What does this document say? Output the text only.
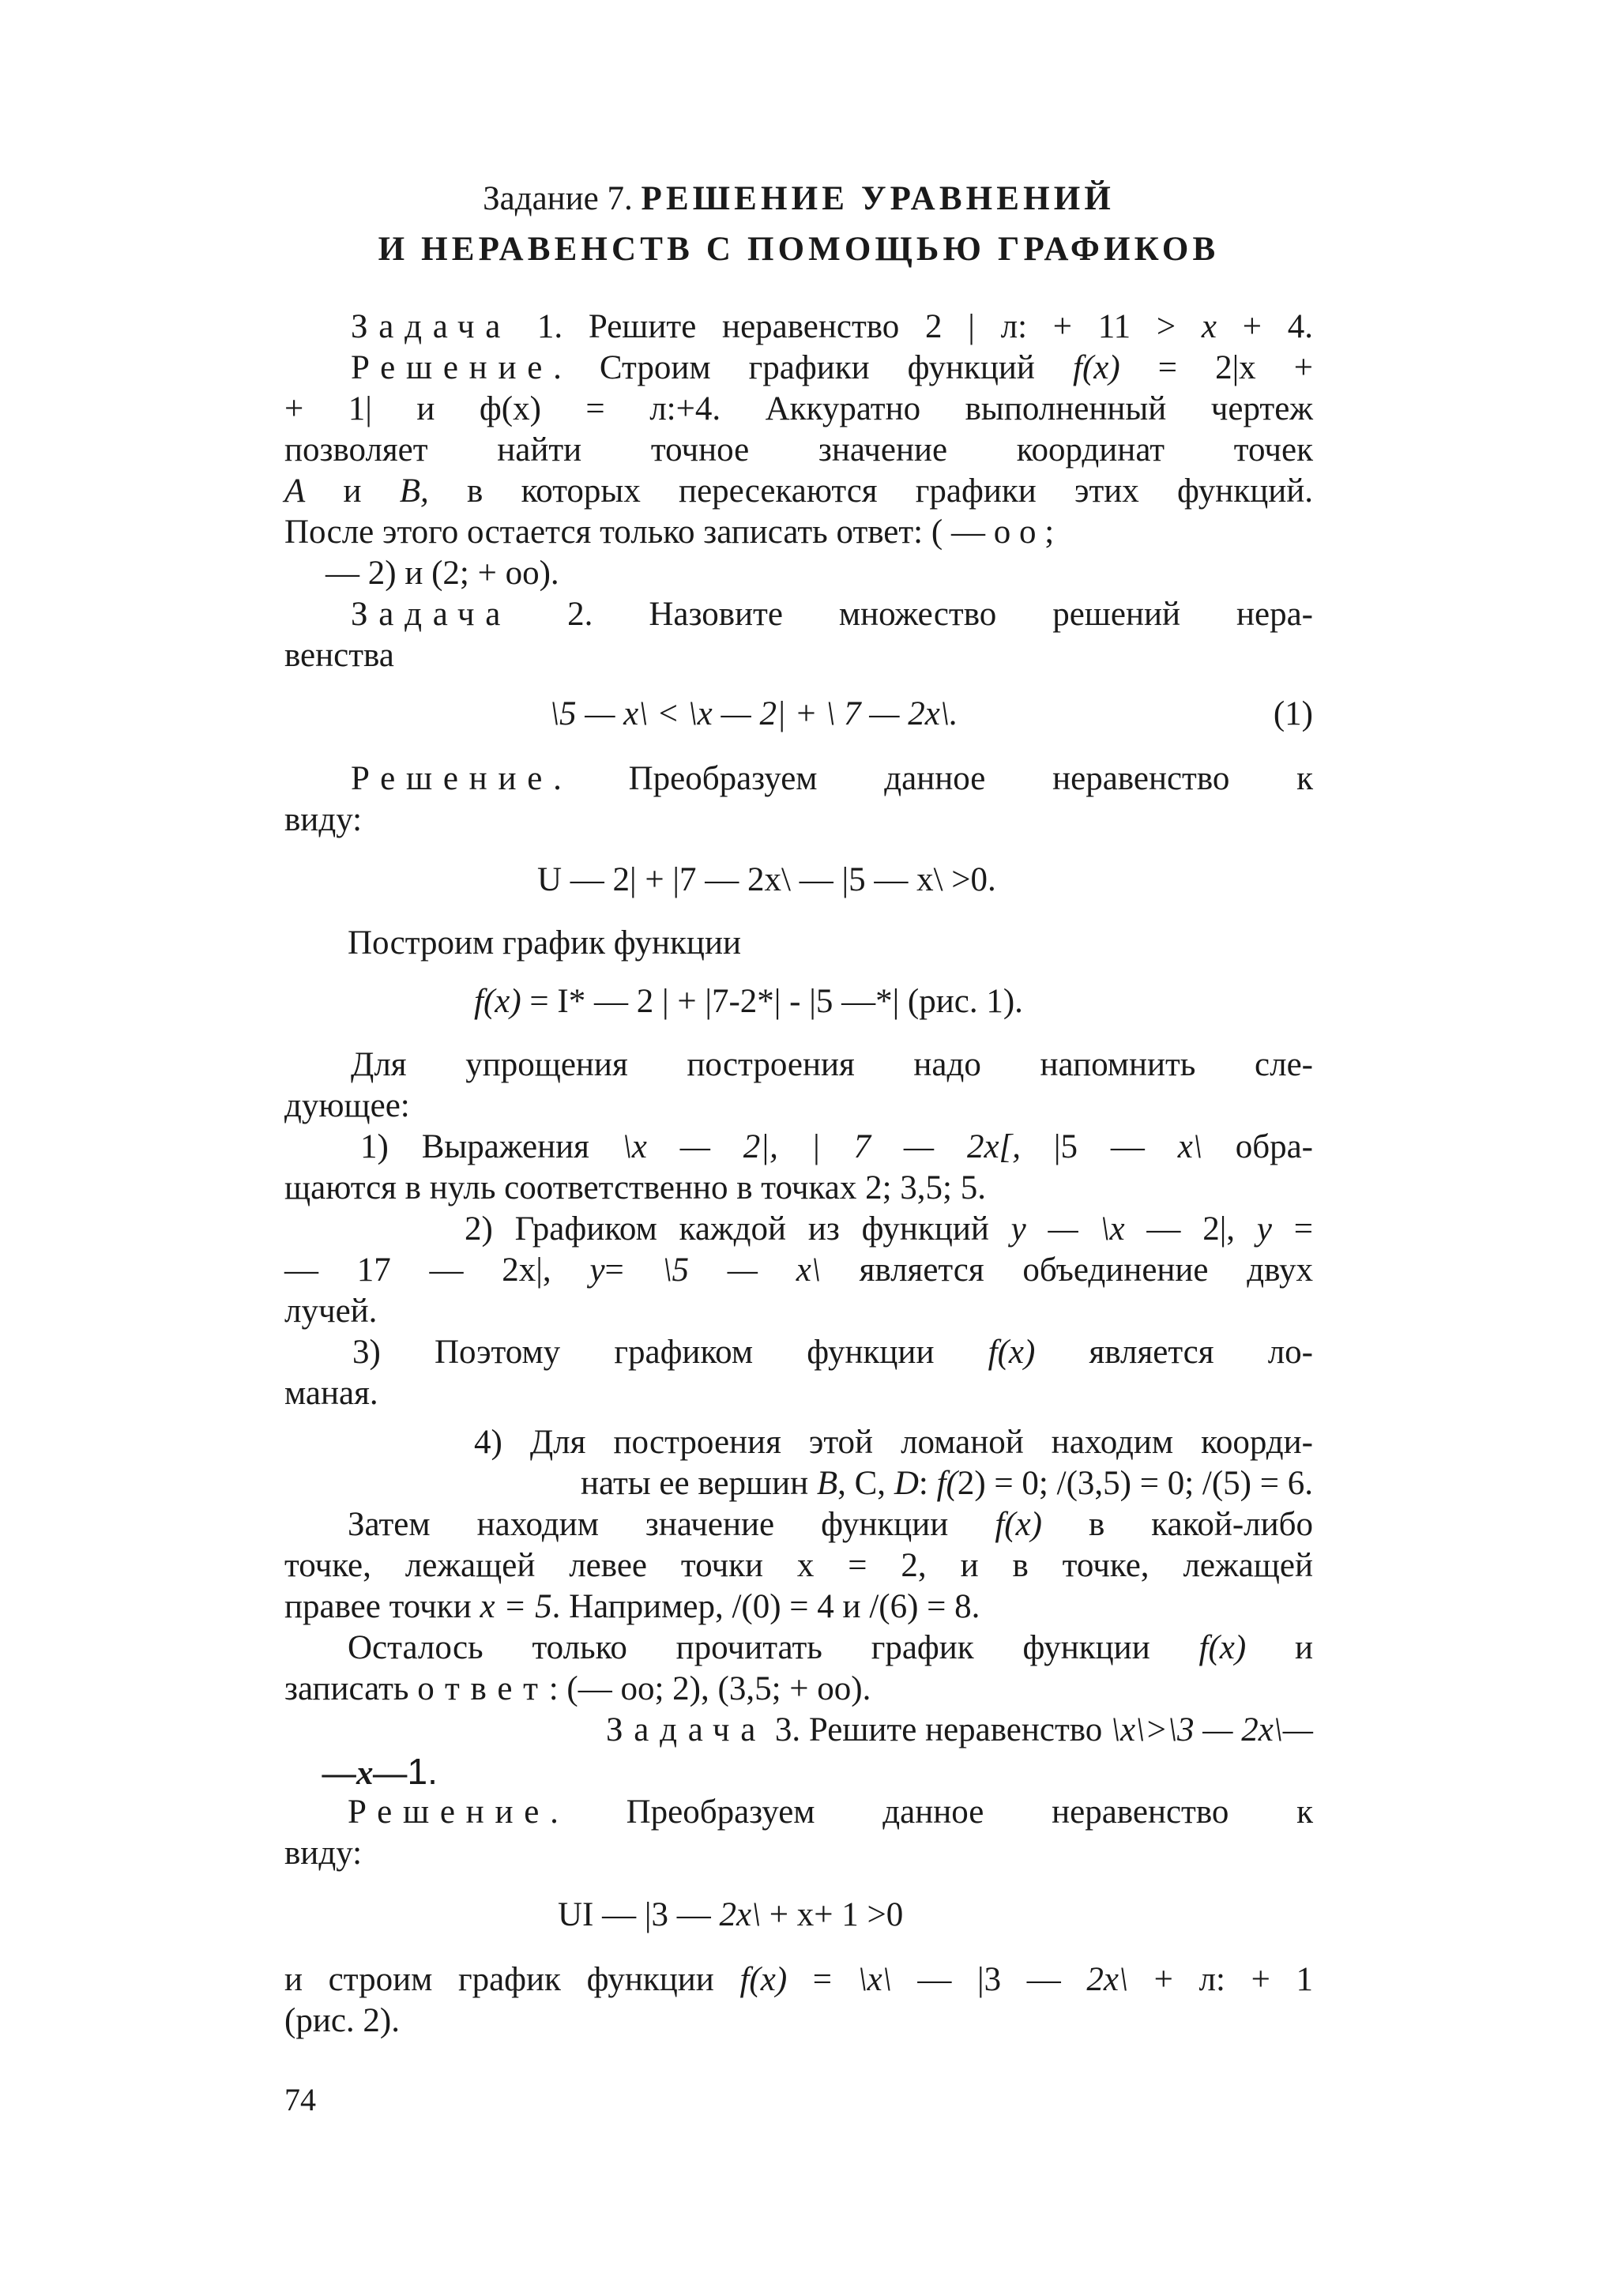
Задание 7. РЕШЕНИЕ УРАВНЕНИЙ
И НЕРАВЕНСТВ С ПОМОЩЬЮ ГРАФИКОВ
Задача 1. Решите неравенство 2 | л: + 11 > x + 4.
Решение. Строим графики функций f(x) = 2|x +
+ 1| и ф(x) = л:+4. Аккуратно выполненный чертеж
позволяет найти точное значение координат точек
A и B, в которых пересекаются графики этих функций.
После этого остается только записать ответ: ( — о о ;
— 2) и (2; + оо).
Задача 2. Назовите множество решений нера-
венства
\5 — x\ < \x — 2| + \ 7 — 2x\.	(1)
Решение. Преобразуем данное неравенство к
виду:
U — 2| + |7 — 2x\ — |5 — x\ >0.
Построим график функции
f(x) = I* — 2 | + |7-2*| - |5 —*| (рис. 1).
Для упрощения построения надо напомнить сле-
дующее:
1) Выражения \x — 2|, | 7 — 2x[, |5 — x\ обра-
щаются в нуль соответственно в точках 2; 3,5; 5.
2) Графиком каждой из функций y — \x — 2|, y =
— 17 — 2x|, y= \5 — x\ является объединение двух
лучей.
3) Поэтому графиком функции f(x) является ло-
маная.
4) Для построения этой ломаной находим коорди-
наты ее вершин B, C, D: f(2) = 0; /(3,5) = 0; /(5) = 6.
Затем находим значение функции f(x) в какой-либо
точке, лежащей левее точки x = 2, и в точке, лежащей
правее точки x = 5. Например, /(0) = 4 и /(6) = 8.
Осталось только прочитать график функции f(x) и
записать ответ: (— оо; 2), (3,5; + оо).
Задача 3. Решите неравенство \x\>\3 — 2x\—
—x—1.
Решение. Преобразуем данное неравенство к
виду:
UI — |3 — 2x\ + x+ 1 >0
и строим график функции f(x) = \x\ — |3 — 2x\ + л: + 1
(рис. 2).
74
